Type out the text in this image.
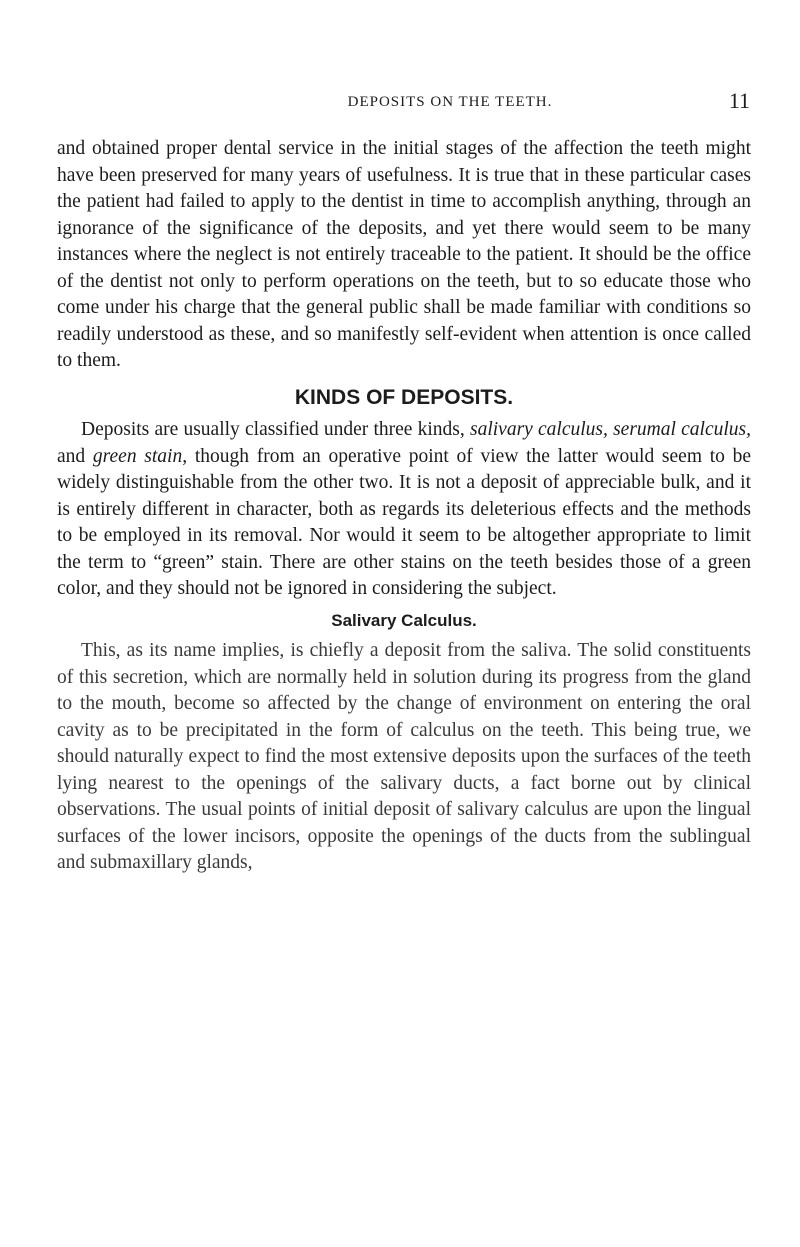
DEPOSITS ON THE TEETH.	11

and obtained proper dental service in the initial stages of the affection the teeth might have been preserved for many years of usefulness. It is true that in these particular cases the patient had failed to apply to the dentist in time to accomplish anything, through an ignorance of the significance of the deposits, and yet there would seem to be many instances where the neglect is not entirely traceable to the patient. It should be the office of the dentist not only to perform operations on the teeth, but to so educate those who come under his charge that the general public shall be made familiar with conditions so readily understood as these, and so manifestly self-evident when attention is once called to them.

KINDS OF DEPOSITS.

Deposits are usually classified under three kinds, salivary calculus, serumal calculus, and green stain, though from an operative point of view the latter would seem to be widely distinguishable from the other two. It is not a deposit of appreciable bulk, and it is entirely different in character, both as regards its deleterious effects and the methods to be employed in its removal. Nor would it seem to be altogether appropriate to limit the term to “green” stain. There are other stains on the teeth besides those of a green color, and they should not be ignored in considering the subject.

Salivary Calculus.

This, as its name implies, is chiefly a deposit from the saliva. The solid constituents of this secretion, which are normally held in solution during its progress from the gland to the mouth, become so affected by the change of environment on entering the oral cavity as to be precipitated in the form of calculus on the teeth. This being true, we should naturally expect to find the most extensive deposits upon the surfaces of the teeth lying nearest to the openings of the salivary ducts, a fact borne out by clinical observations. The usual points of initial deposit of salivary calculus are upon the lingual surfaces of the lower incisors, opposite the openings of the ducts from the sublingual and submaxillary glands,
